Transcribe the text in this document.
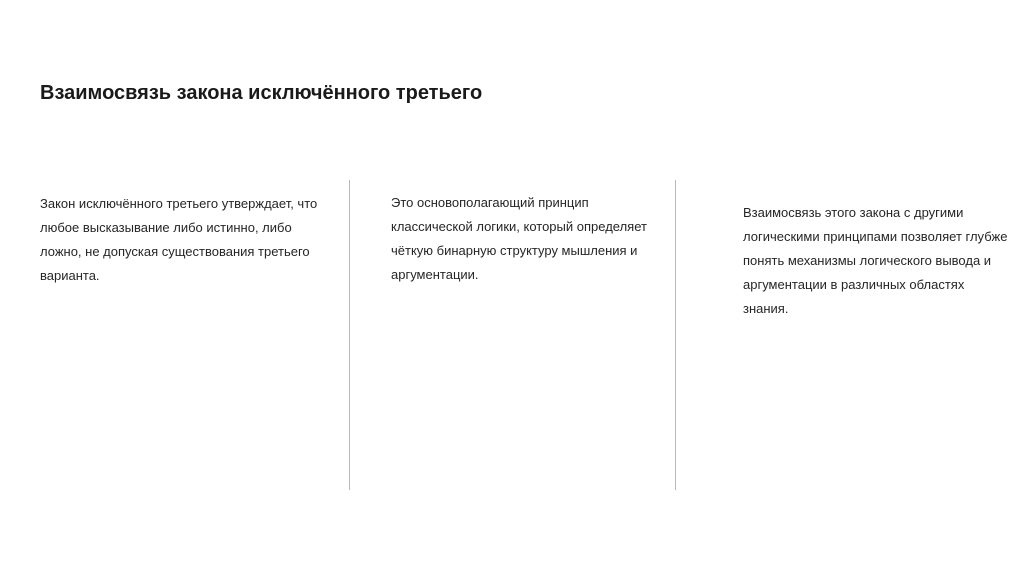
Взаимосвязь закона исключённого третьего

Закон исключённого третьего утверждает, что любое высказывание либо истинно, либо ложно, не допуская существования третьего варианта.

Это основополагающий принцип классической логики, который определяет чёткую бинарную структуру мышления и аргументации.

Взаимосвязь этого закона с другими логическими принципами позволяет глубже понять механизмы логического вывода и аргументации в различных областях знания.
